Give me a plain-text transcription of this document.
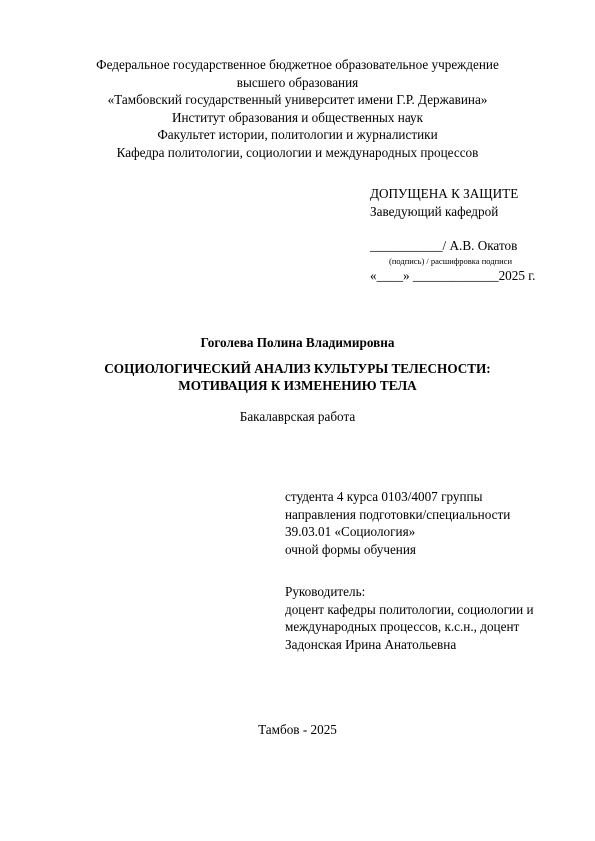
Федеральное государственное бюджетное образовательное учреждение
высшего образования
«Тамбовский государственный университет имени Г.Р. Державина»
Институт образования и общественных наук
Факультет истории, политологии и журналистики
Кафедра политологии, социологии и международных процессов
ДОПУЩЕНА К ЗАЩИТЕ
Заведующий кафедрой
___________/ А.В. Окатов
(подпись) / расшифровка подписи
«____» _____________2025 г.
Гоголева Полина Владимировна
СОЦИОЛОГИЧЕСКИЙ АНАЛИЗ КУЛЬТУРЫ ТЕЛЕСНОСТИ:
МОТИВАЦИЯ К ИЗМЕНЕНИЮ ТЕЛА
Бакалаврская работа
студента 4 курса 0103/4007 группы
направления подготовки/специальности
39.03.01 «Социология»
очной формы обучения
Руководитель:
доцент кафедры политологии, социологии и
международных процессов, к.с.н., доцент
Задонская Ирина Анатольевна
Тамбов - 2025
